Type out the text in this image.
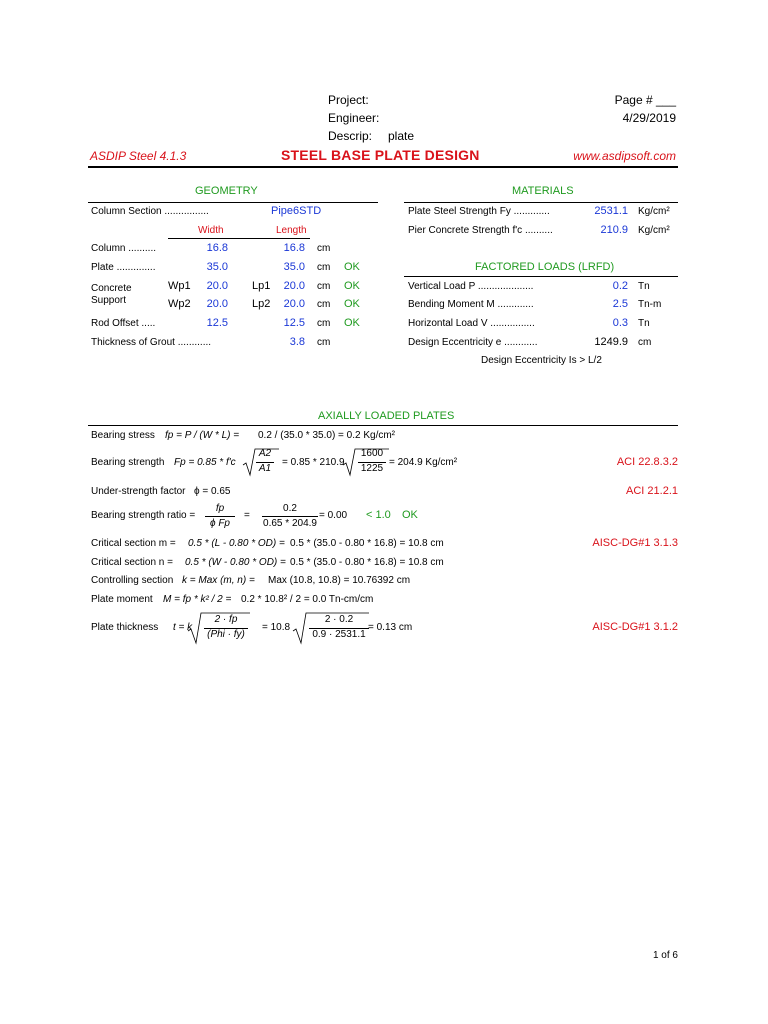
Project:
Engineer:
Descrip: plate
Page # ___
4/29/2019
ASDIP Steel 4.1.3	STEEL BASE PLATE DESIGN	www.asdipsoft.com
GEOMETRY
Column Section ................	Pipe6STD
Width	Length
Column ..........	16.8	16.8 cm
Plate ..............	35.0	35.0 cm OK
Concrete
Support
Wp1	20.0 Lp1	20.0 cm OK
Wp2	20.0 Lp2	20.0 cm OK
Rod Offset .....	12.5	12.5 cm OK
Thickness of Grout ............	3.8 cm
MATERIALS
Plate Steel Strength Fy .............	2531.1 Kg/cm²
Pier Concrete Strength f'c ..........	210.9 Kg/cm²
FACTORED LOADS (LRFD)
Vertical Load P ....................	0.2 Tn
Bending Moment M .............	2.5 Tn-m
Horizontal Load V ................	0.3 Tn
Design Eccentricity e ............	1249.9 cm
Design Eccentricity Is > L/2
AXIALLY LOADED PLATES
Bearing stress fp = P / (W * L) = 0.2 / (35.0 * 35.0) = 0.2 Kg/cm²
Bearing strength Fp = 0.85 * f'c
A2
A1
= 0.85 * 210.9
1600
1225
= 204.9 Kg/cm²	ACI 22.8.3.2
Under-strength factor ϕ = 0.65	ACI 21.2.1
Bearing strength ratio =
fp
ϕ Fp
=
0.2
0.65 * 204.9
= 0.00 < 1.0 OK
Critical section m = 0.5 * (L - 0.80 * OD) = 0.5 * (35.0 - 0.80 * 16.8) = 10.8 cm	AISC-DG#1 3.1.3
Critical section n = 0.5 * (W - 0.80 * OD) = 0.5 * (35.0 - 0.80 * 16.8) = 10.8 cm
Controlling section k = Max (m, n) = Max (10.8, 10.8) = 10.76392 cm
Plate moment M = fp * k² / 2 = 0.2 * 10.8² / 2 = 0.0 Tn-cm/cm
Plate thickness t = k
2 · fp
(Phi · fy)
= 10.8
2 · 0.2
0.9 · 2531.1
= 0.13 cm	AISC-DG#1 3.1.2
1 of 6
